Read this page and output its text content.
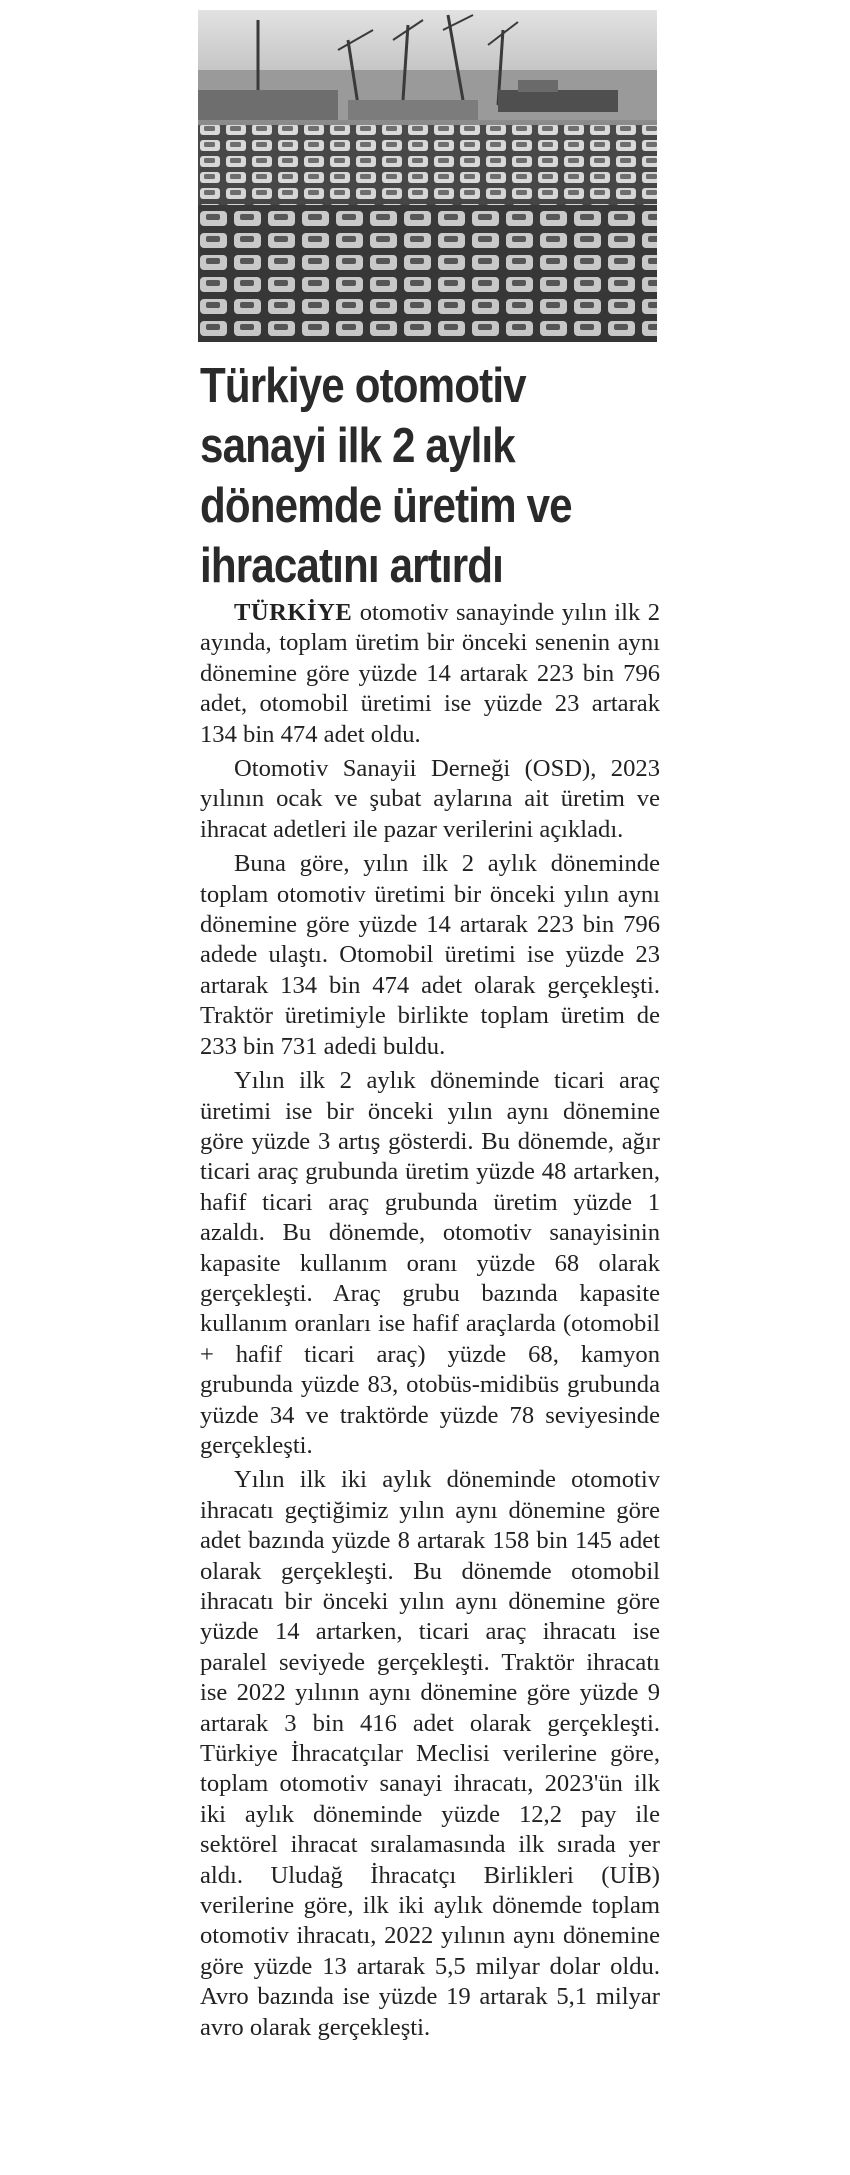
Türkiye otomotiv
sanayi ilk 2 aylık
dönemde üretim ve
ihracatını artırdı

TÜRKİYE otomotiv sanayinde yılın ilk 2 ayında, toplam üretim bir önceki senenin aynı dönemine göre yüzde 14 artarak 223 bin 796 adet, otomobil üretimi ise yüzde 23 artarak 134 bin 474 adet oldu.

Otomotiv Sanayii Derneği (OSD), 2023 yılının ocak ve şubat aylarına ait üretim ve ihracat adetleri ile pazar verilerini açıkladı.

Buna göre, yılın ilk 2 aylık döneminde toplam otomotiv üretimi bir önceki yılın aynı dönemine göre yüzde 14 artarak 223 bin 796 adede ulaştı. Otomobil üretimi ise yüzde 23 artarak 134 bin 474 adet olarak gerçekleşti. Traktör üretimiyle birlikte toplam üretim de 233 bin 731 adedi buldu.

Yılın ilk 2 aylık döneminde ticari araç üretimi ise bir önceki yılın aynı dönemine göre yüzde 3 artış gösterdi. Bu dönemde, ağır ticari araç grubunda üretim yüzde 48 artarken, hafif ticari araç grubunda üretim yüzde 1 azaldı. Bu dönemde, otomotiv sanayisinin kapasite kullanım oranı yüzde 68 olarak gerçekleşti. Araç grubu bazında kapasite kullanım oranları ise hafif araçlarda (otomobil + hafif ticari araç) yüzde 68, kamyon grubunda yüzde 83, otobüs-midibüs grubunda yüzde 34 ve traktörde yüzde 78 seviyesinde gerçekleşti.

Yılın ilk iki aylık döneminde otomotiv ihracatı geçtiğimiz yılın aynı dönemine göre adet bazında yüzde 8 artarak 158 bin 145 adet olarak gerçekleşti. Bu dönemde otomobil ihracatı bir önceki yılın aynı dönemine göre yüzde 14 artarken, ticari araç ihracatı ise paralel seviyede gerçekleşti. Traktör ihracatı ise 2022 yılının aynı dönemine göre yüzde 9 artarak 3 bin 416 adet olarak gerçekleşti. Türkiye İhracatçılar Meclisi verilerine göre, toplam otomotiv sanayi ihracatı, 2023'ün ilk iki aylık döneminde yüzde 12,2 pay ile sektörel ihracat sıralamasında ilk sırada yer aldı. Uludağ İhracatçı Birlikleri (UİB) verilerine göre, ilk iki aylık dönemde toplam otomotiv ihracatı, 2022 yılının aynı dönemine göre yüzde 13 artarak 5,5 milyar dolar oldu. Avro bazında ise yüzde 19 artarak 5,1 milyar avro olarak gerçekleşti.
